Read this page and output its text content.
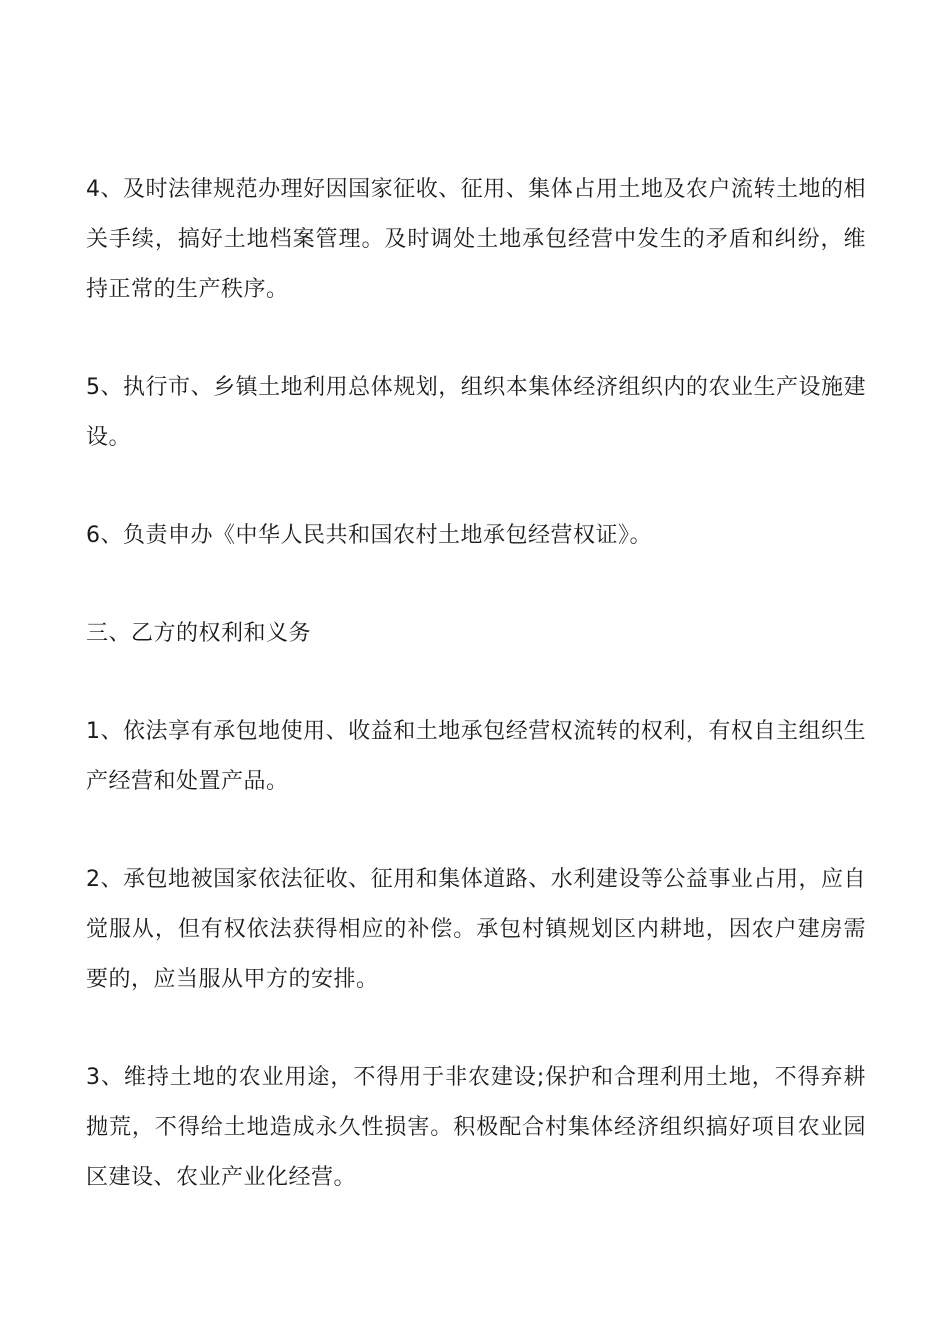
4、及时法律规范办理好因国家征收、征用、集体占用土地及农户流转土地的相关手续，搞好土地档案管理。及时调处土地承包经营中发生的矛盾和纠纷，维持正常的生产秩序。

5、执行市、乡镇土地利用总体规划，组织本集体经济组织内的农业生产设施建设。

6、负责申办《中华人民共和国农村土地承包经营权证》。

三、乙方的权利和义务

1、依法享有承包地使用、收益和土地承包经营权流转的权利，有权自主组织生产经营和处置产品。

2、承包地被国家依法征收、征用和集体道路、水利建设等公益事业占用，应自觉服从，但有权依法获得相应的补偿。承包村镇规划区内耕地，因农户建房需要的，应当服从甲方的安排。

3、维持土地的农业用途，不得用于非农建设;保护和合理利用土地，不得弃耕抛荒，不得给土地造成永久性损害。积极配合村集体经济组织搞好项目农业园区建设、农业产业化经营。
